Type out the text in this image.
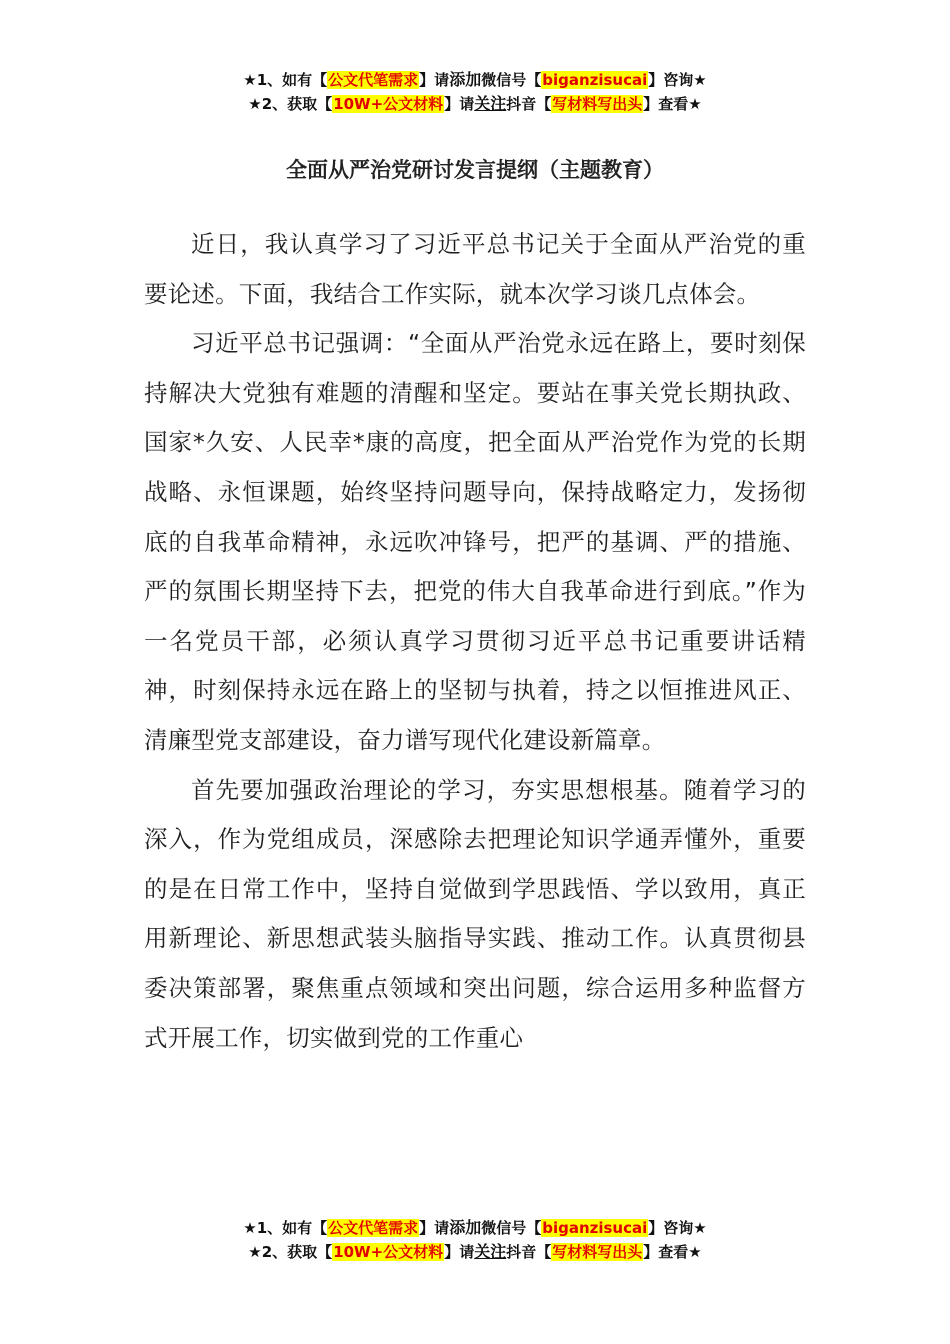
★1、如有【公文代笔需求】请添加微信号【biganzisucai】咨询★
★2、获取【10W+公文材料】请关注抖音【写材料写出头】查看★
全面从严治党研讨发言提纲（主题教育）

近日，我认真学习了习近平总书记关于全面从严治党的重要论述。下面，我结合工作实际，就本次学习谈几点体会。

习近平总书记强调：“全面从严治党永远在路上，要时刻保持解决大党独有难题的清醒和坚定。要站在事关党长期执政、国家*久安、人民幸*康的高度，把全面从严治党作为党的长期战略、永恒课题，始终坚持问题导向，保持战略定力，发扬彻底的自我革命精神，永远吹冲锋号，把严的基调、严的措施、严的氛围长期坚持下去，把党的伟大自我革命进行到底。”作为一名党员干部，必须认真学习贯彻习近平总书记重要讲话精神，时刻保持永远在路上的坚韧与执着，持之以恒推进风正、清廉型党支部建设，奋力谱写现代化建设新篇章。

首先要加强政治理论的学习，夯实思想根基。随着学习的深入，作为党组成员，深感除去把理论知识学通弄懂外，重要的是在日常工作中，坚持自觉做到学思践悟、学以致用，真正用新理论、新思想武装头脑指导实践、推动工作。认真贯彻县委决策部署，聚焦重点领域和突出问题，综合运用多种监督方式开展工作，切实做到党的工作重心

★1、如有【公文代笔需求】请添加微信号【biganzisucai】咨询★
★2、获取【10W+公文材料】请关注抖音【写材料写出头】查看★
